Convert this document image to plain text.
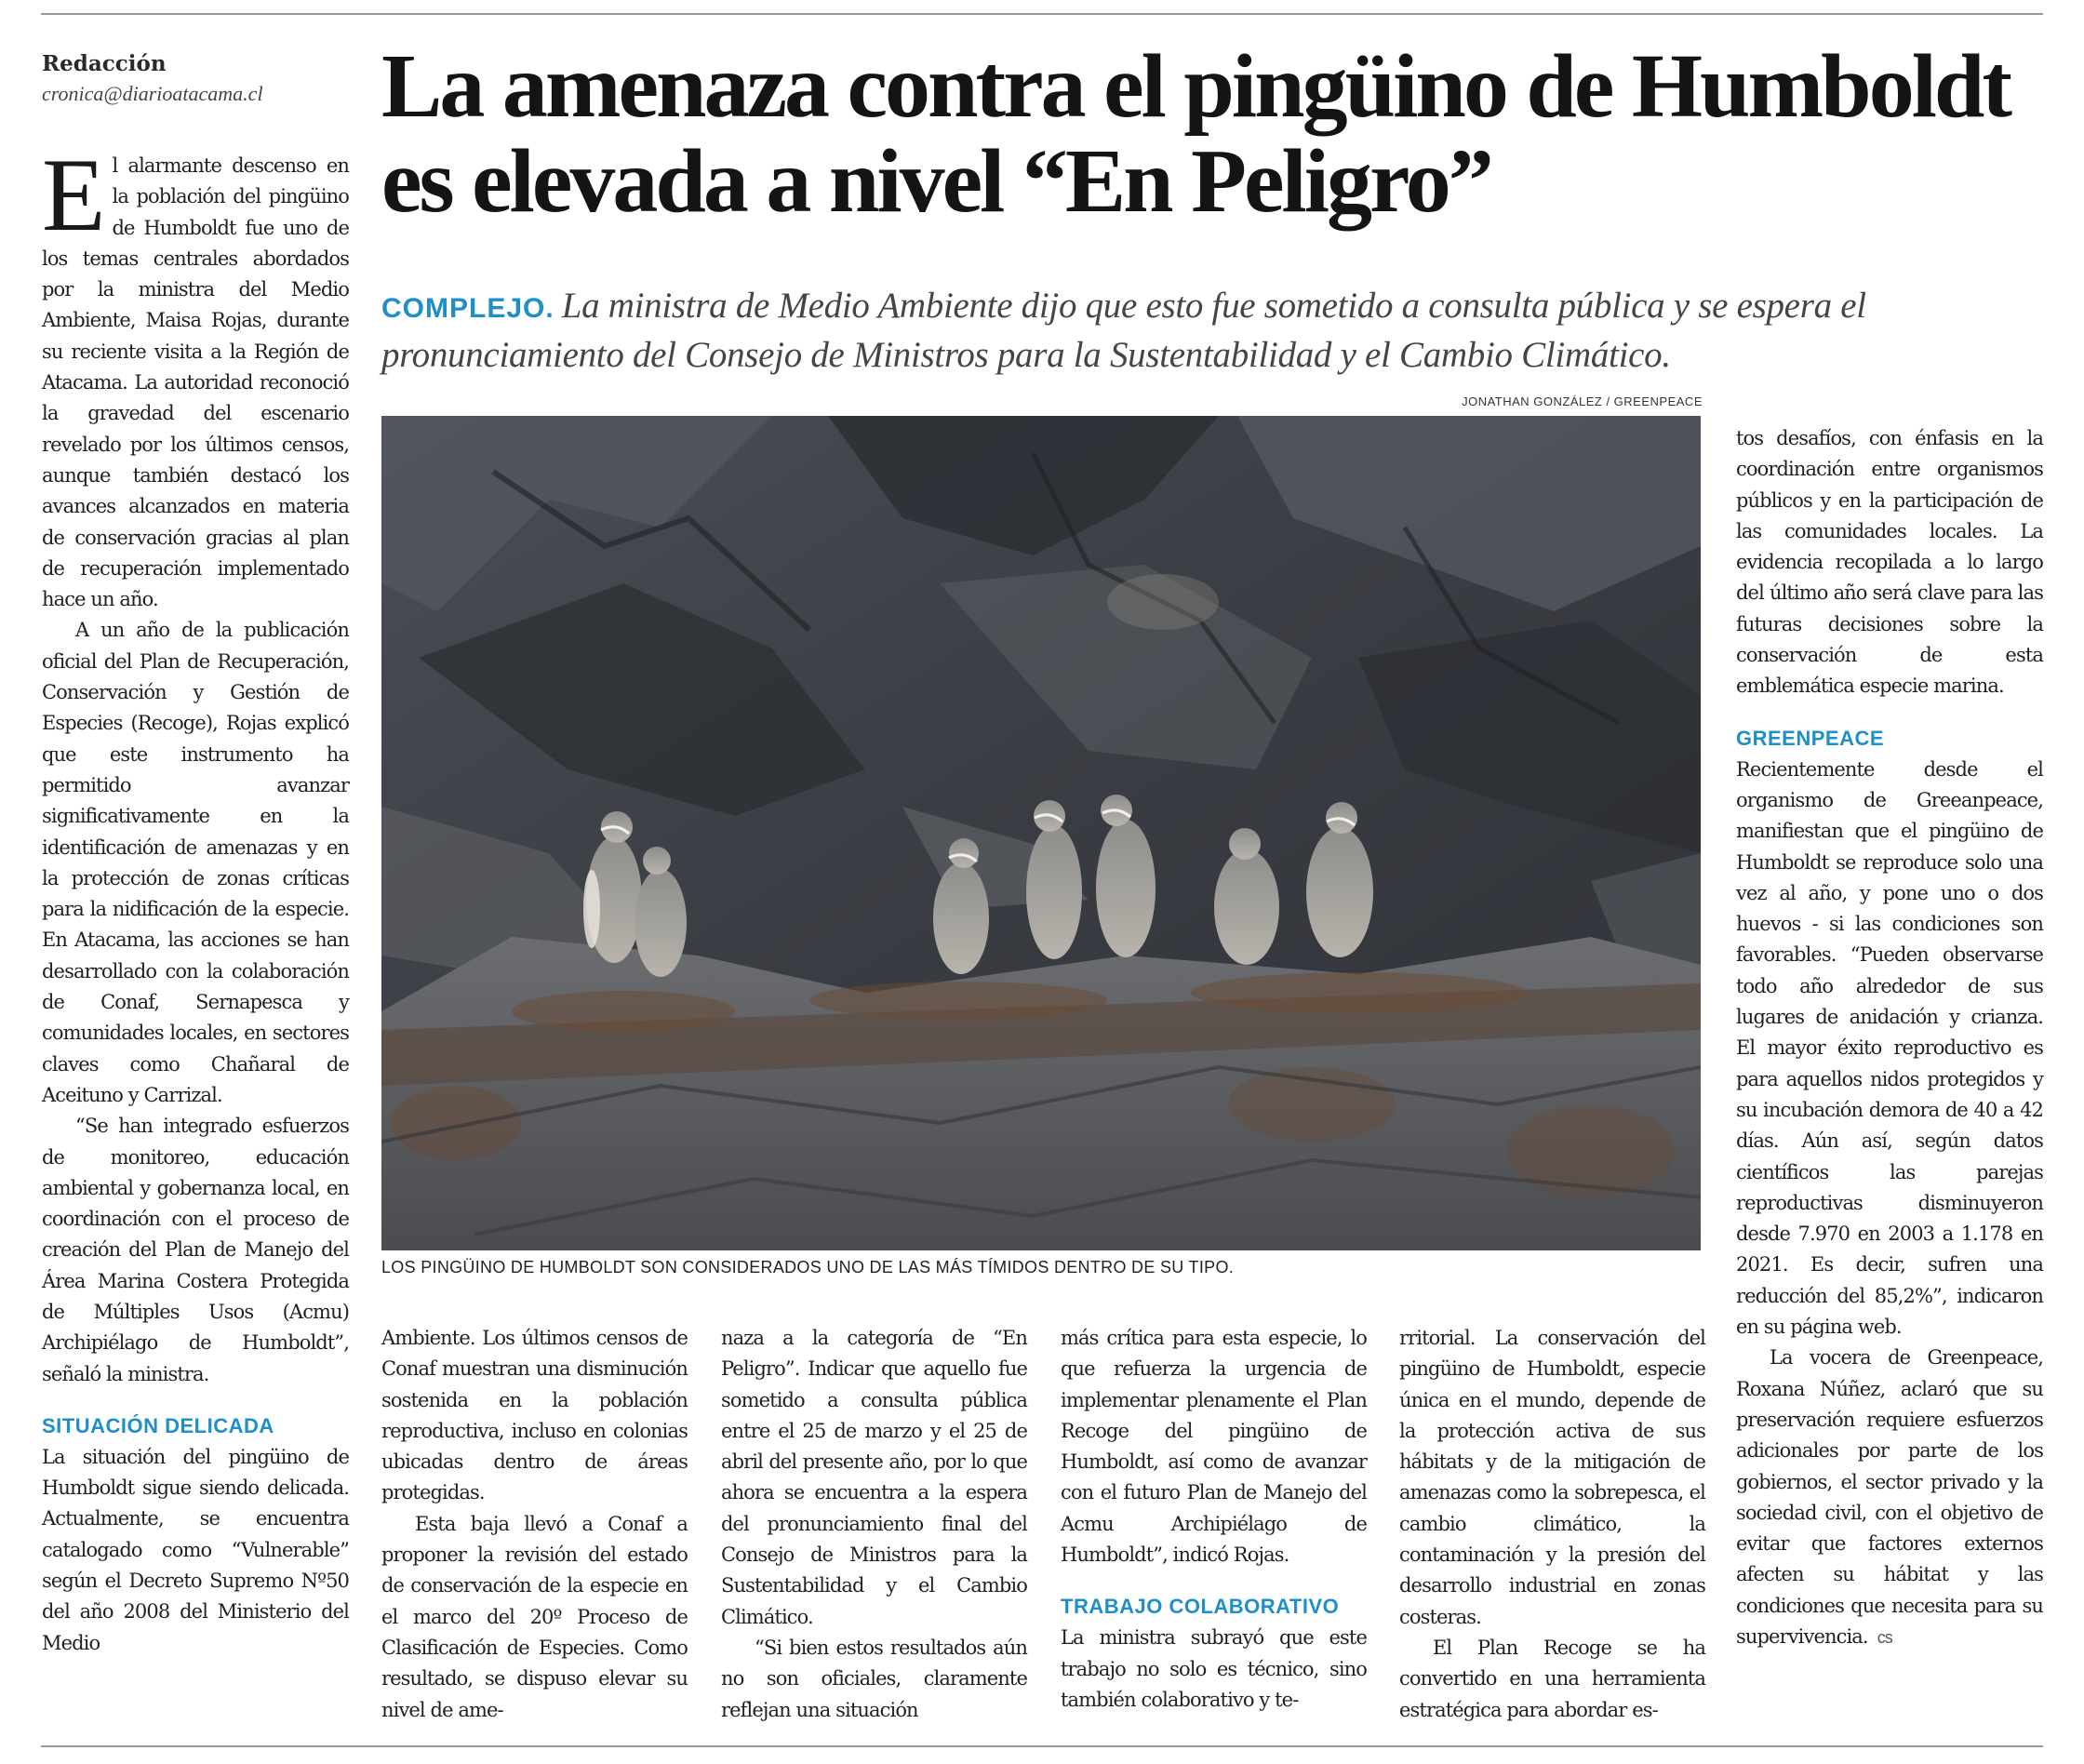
Redacción
cronica@diarioatacama.cl	La amenaza contra el pingüino de Humboldt es elevada a nivel “En Peligro”

COMPLEJO. La ministra de Medio Ambiente dijo que esto fue sometido a consulta pública y se espera el pronunciamiento del Consejo de Ministros para la Sustentabilidad y el Cambio Climático.

JONATHAN GONZÁLEZ / GREENPEACE
LOS PINGÜINO DE HUMBOLDT SON CONSIDERADOS UNO DE LAS MÁS TÍMIDOS DENTRO DE SU TIPO.

El alarmante descenso en la población del pingüino de Humboldt fue uno de los temas centrales abordados por la ministra del Medio Ambiente, Maisa Rojas, durante su reciente visita a la Región de Atacama. La autoridad reconoció la gravedad del escenario revelado por los últimos censos, aunque también destacó los avances alcanzados en materia de conservación gracias al plan de recuperación implementado hace un año.

A un año de la publicación oficial del Plan de Recuperación, Conservación y Gestión de Especies (Recoge), Rojas explicó que este instrumento ha permitido avanzar significativamente en la identificación de amenazas y en la protección de zonas críticas para la nidificación de la especie. En Atacama, las acciones se han desarrollado con la colaboración de Conaf, Sernapesca y comunidades locales, en sectores claves como Chañaral de Aceituno y Carrizal.

“Se han integrado esfuerzos de monitoreo, educación ambiental y gobernanza local, en coordinación con el proceso de creación del Plan de Manejo del Área Marina Costera Protegida de Múltiples Usos (Acmu) Archipiélago de Humboldt”, señaló la ministra.

SITUACIÓN DELICADA

La situación del pingüino de Humboldt sigue siendo delicada. Actualmente, se encuentra catalogado como “Vulnerable” según el Decreto Supremo Nº50 del año 2008 del Ministerio del Medio

Ambiente. Los últimos censos de Conaf muestran una disminución sostenida en la población reproductiva, incluso en colonias ubicadas dentro de áreas protegidas.

Esta baja llevó a Conaf a proponer la revisión del estado de conservación de la especie en el marco del 20º Proceso de Clasificación de Especies. Como resultado, se dispuso elevar su nivel de ame-

naza a la categoría de “En Peligro”. Indicar que aquello fue sometido a consulta pública entre el 25 de marzo y el 25 de abril del presente año, por lo que ahora se encuentra a la espera del pronunciamiento final del Consejo de Ministros para la Sustentabilidad y el Cambio Climático.

“Si bien estos resultados aún no son oficiales, claramente reflejan una situación

más crítica para esta especie, lo que refuerza la urgencia de implementar plenamente el Plan Recoge del pingüino de Humboldt, así como de avanzar con el futuro Plan de Manejo del Acmu Archipiélago de Humboldt”, indicó Rojas.

TRABAJO COLABORATIVO

La ministra subrayó que este trabajo no solo es técnico, sino también colaborativo y te-

rritorial. La conservación del pingüino de Humboldt, especie única en el mundo, depende de la protección activa de sus hábitats y de la mitigación de amenazas como la sobrepesca, el cambio climático, la contaminación y la presión del desarrollo industrial en zonas costeras.

El Plan Recoge se ha convertido en una herramienta estratégica para abordar es-

tos desafíos, con énfasis en la coordinación entre organismos públicos y en la participación de las comunidades locales. La evidencia recopilada a lo largo del último año será clave para las futuras decisiones sobre la conservación de esta emblemática especie marina.

GREENPEACE

Recientemente desde el organismo de Greeanpeace, manifiestan que el pingüino de Humboldt se reproduce solo una vez al año, y pone uno o dos huevos - si las condiciones son favorables. “Pueden observarse todo año alrededor de sus lugares de anidación y crianza. El mayor éxito reproductivo es para aquellos nidos protegidos y su incubación demora de 40 a 42 días. Aún así, según datos científicos las parejas reproductivas disminuyeron desde 7.970 en 2003 a 1.178 en 2021. Es decir, sufren una reducción del 85,2%”, indicaron en su página web.

La vocera de Greenpeace, Roxana Núñez, aclaró que su preservación requiere esfuerzos adicionales por parte de los gobiernos, el sector privado y la sociedad civil, con el objetivo de evitar que factores externos afecten su hábitat y las condiciones que necesita para su supervivencia. cs
